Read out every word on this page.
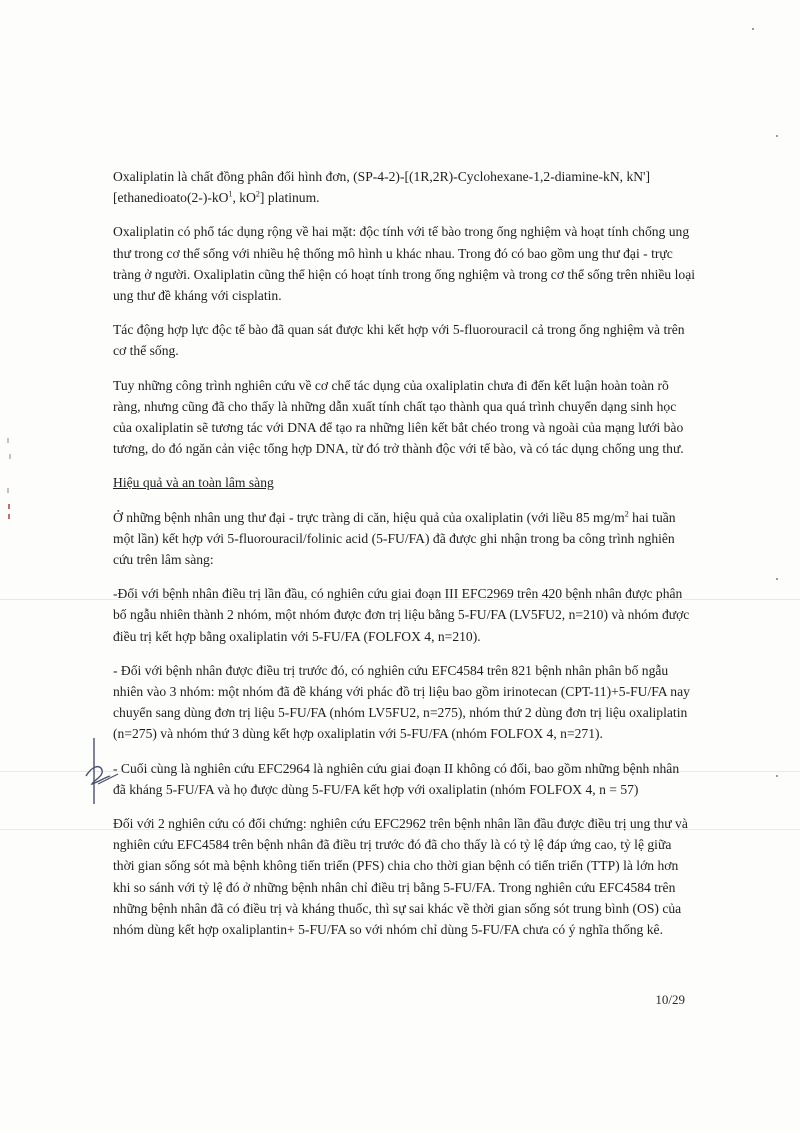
Oxaliplatin là chất đồng phân đối hình đơn, (SP-4-2)-[(1R,2R)-Cyclohexane-1,2-diamine-kN, kN']
[$ethanedioato(2-)-kO^1$, $kO^2$] platinum.

Oxaliplatin có phổ tác dụng rộng về hai mặt: độc tính với tế bào trong ống nghiệm và hoạt tính chống ung thư trong cơ thể sống với nhiều hệ thống mô hình u khác nhau. Trong đó có bao gồm ung thư đại - trực tràng ở người. Oxaliplatin cũng thể hiện có hoạt tính trong ống nghiệm và trong cơ thể sống trên nhiều loại ung thư đề kháng với cisplatin.

Tác động hợp lực độc tế bào đã quan sát được khi kết hợp với 5-fluorouracil cả trong ống nghiệm và trên cơ thể sống.

Tuy những công trình nghiên cứu về cơ chế tác dụng của oxaliplatin chưa đi đến kết luận hoàn toàn rõ ràng, nhưng cũng đã cho thấy là những dẫn xuất tính chất tạo thành qua quá trình chuyển dạng sinh học của oxaliplatin sẽ tương tác với DNA để tạo ra những liên kết bắt chéo trong và ngoài của mạng lưới bào tương, do đó ngăn cản việc tổng hợp DNA, từ đó trở thành độc với tế bào, và có tác dụng chống ung thư.

Hiệu quả và an toàn lâm sàng

Ở những bệnh nhân ung thư đại - trực tràng di căn, hiệu quả của oxaliplatin (với liều 85 $mg/m^2$ hai tuần một lần) kết hợp với 5-fluorouracil/folinic acid (5-FU/FA) đã được ghi nhận trong ba công trình nghiên cứu trên lâm sàng:

-Đối với bệnh nhân điều trị lần đầu, có nghiên cứu giai đoạn III EFC2969 trên 420 bệnh nhân được phân bố ngẫu nhiên thành 2 nhóm, một nhóm được đơn trị liệu bằng 5-FU/FA (LV5FU2, n=210) và nhóm được điều trị kết hợp bằng oxaliplatin với 5-FU/FA (FOLFOX 4, n=210).

- Đối với bệnh nhân được điều trị trước đó, có nghiên cứu EFC4584 trên 821 bệnh nhân phân bố ngẫu nhiên vào 3 nhóm: một nhóm đã đề kháng với phác đồ trị liệu bao gồm irinotecan (CPT-11)+5-FU/FA nay chuyển sang dùng đơn trị liệu 5-FU/FA (nhóm LV5FU2, n=275), nhóm thứ 2 dùng đơn trị liệu oxaliplatin (n=275) và nhóm thứ 3 dùng kết hợp oxaliplatin với 5-FU/FA (nhóm FOLFOX 4, n=271).

- Cuối cùng là nghiên cứu EFC2964 là nghiên cứu giai đoạn II không có đối, bao gồm những bệnh nhân đã kháng 5-FU/FA và họ được dùng 5-FU/FA kết hợp với oxaliplatin (nhóm FOLFOX 4, n = 57)

Đối với 2 nghiên cứu có đối chứng: nghiên cứu EFC2962 trên bệnh nhân lần đầu được điều trị ung thư và nghiên cứu EFC4584 trên bệnh nhân đã điều trị trước đó đã cho thấy là có tỷ lệ đáp ứng cao, tỷ lệ giữa thời gian sống sót mà bệnh không tiến triển (PFS) chia cho thời gian bệnh có tiến triển (TTP) là lớn hơn khi so sánh với tỷ lệ đó ở những bệnh nhân chỉ điều trị bằng 5-FU/FA. Trong nghiên cứu EFC4584 trên những bệnh nhân đã có điều trị và kháng thuốc, thì sự sai khác về thời gian sống sót trung bình (OS) của nhóm dùng kết hợp oxaliplantin+ 5-FU/FA so với nhóm chỉ dùng 5-FU/FA chưa có ý nghĩa thống kê.

10/29
